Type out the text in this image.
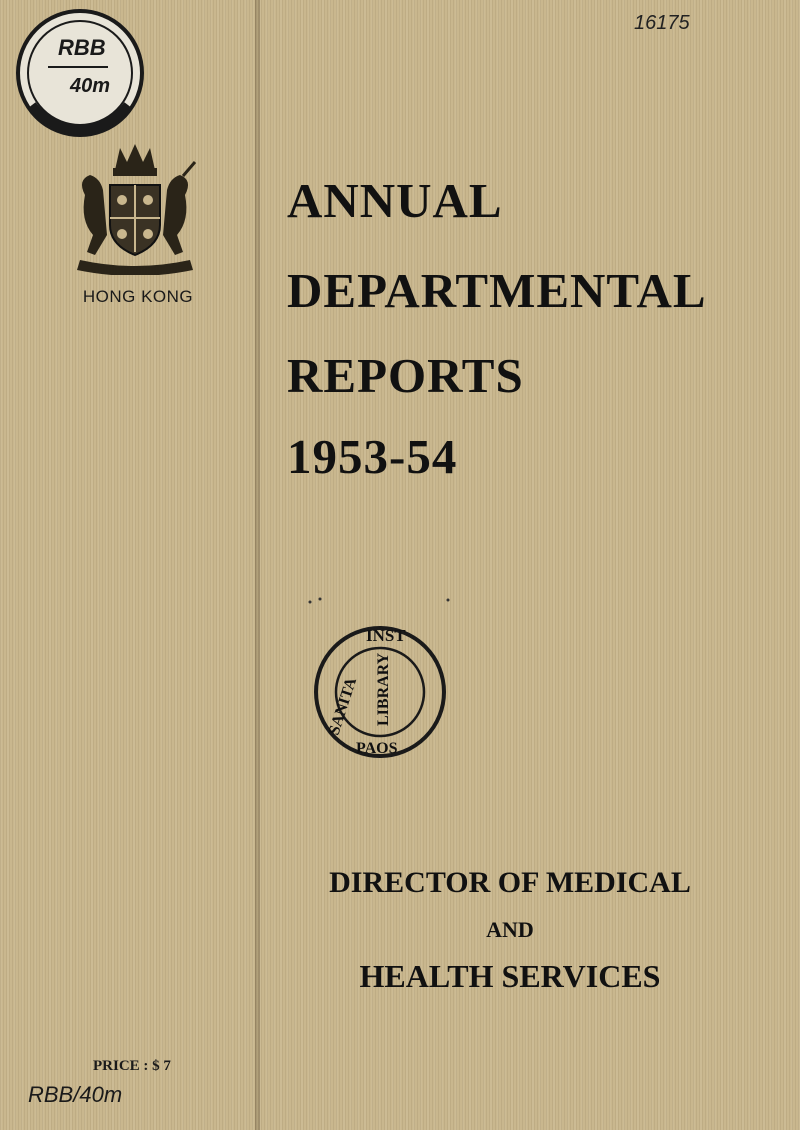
RBB
40m
HONG KONG
PRICE : $ 7
RBB/40m
16175
ANNUAL
DEPARTMENTAL
REPORTS
1953-54
INST
SANITA LIBRARY
PAOS
DIRECTOR OF MEDICAL
AND
HEALTH SERVICES
